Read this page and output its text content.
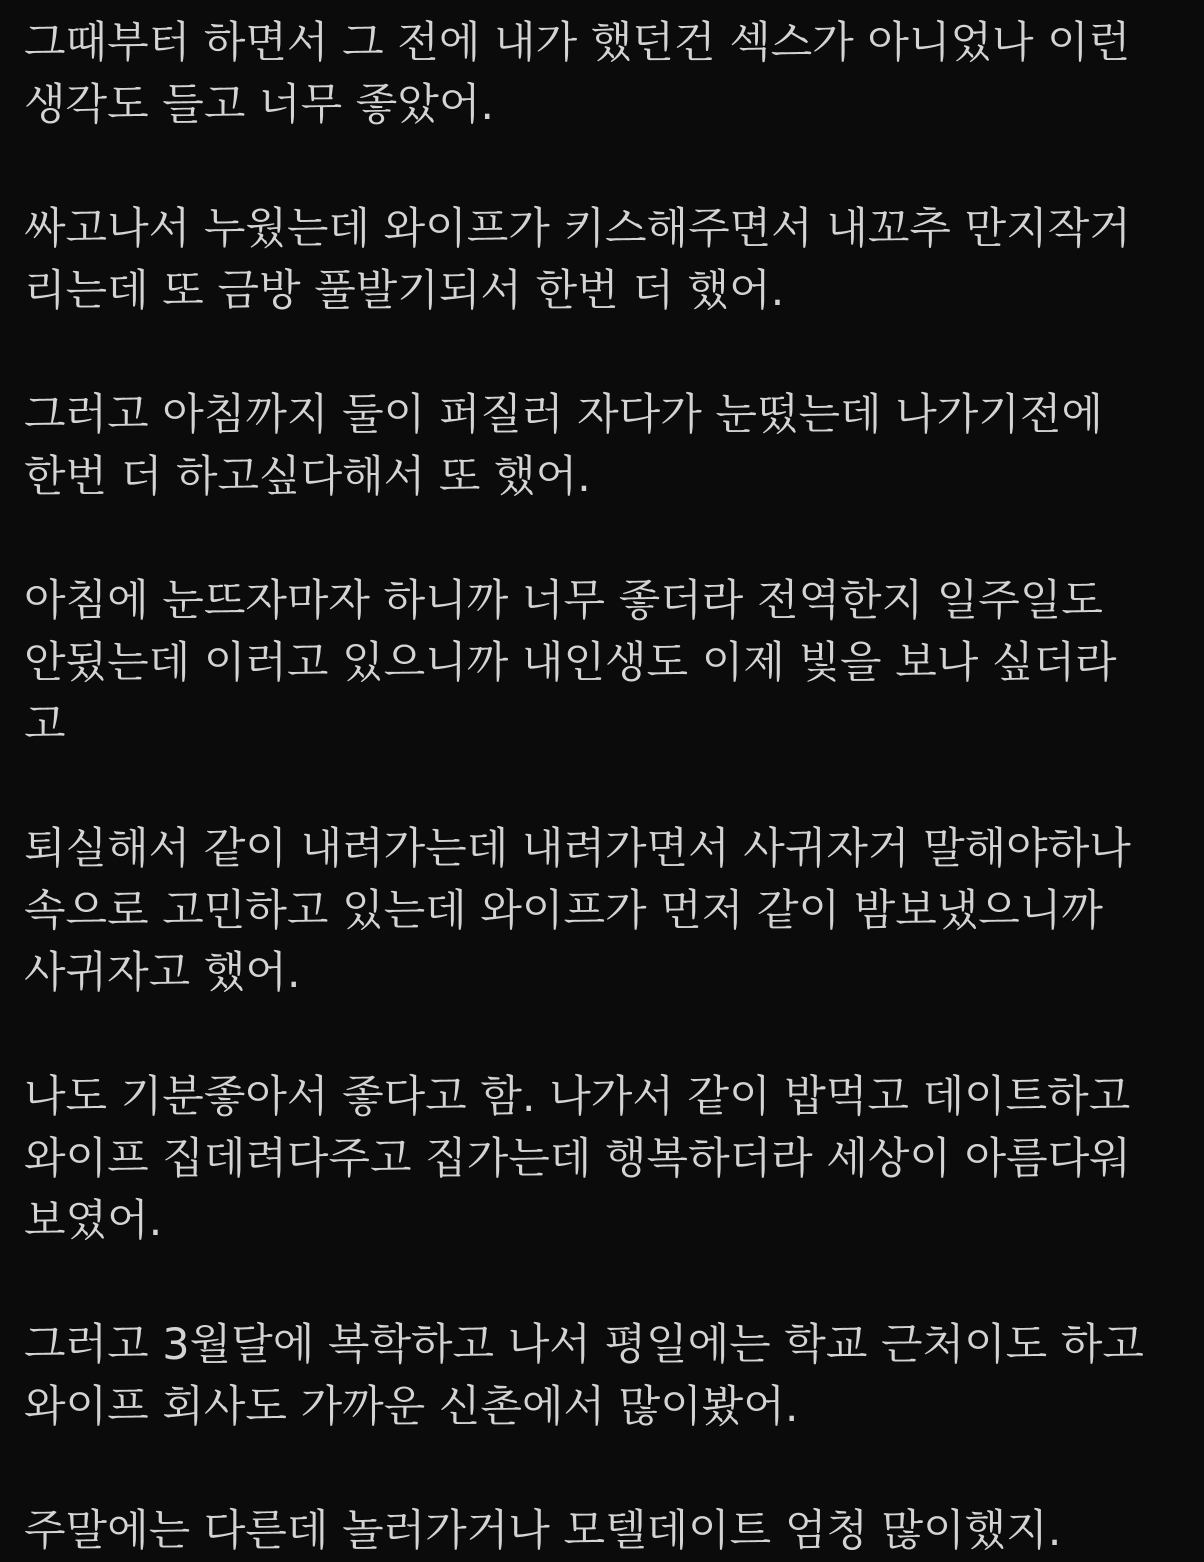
그때부터 하면서 그 전에 내가 했던건 섹스가 아니었나 이런
생각도 들고 너무 좋았어.
싸고나서 누웠는데 와이프가 키스해주면서 내꼬추 만지작거
리는데 또 금방 풀발기되서 한번 더 했어.
그러고 아침까지 둘이 퍼질러 자다가 눈떴는데 나가기전에
한번 더 하고싶다해서 또 했어.
아침에 눈뜨자마자 하니까 너무 좋더라 전역한지 일주일도
안됬는데 이러고 있으니까 내인생도 이제 빛을 보나 싶더라
고
퇴실해서 같이 내려가는데 내려가면서 사귀자거 말해야하나
속으로 고민하고 있는데 와이프가 먼저 같이 밤보냈으니까
사귀자고 했어.
나도 기분좋아서 좋다고 함. 나가서 같이 밥먹고 데이트하고
와이프 집데려다주고 집가는데 행복하더라 세상이 아름다워
보였어.
그러고 3월달에 복학하고 나서 평일에는 학교 근처이도 하고
와이프 회사도 가까운 신촌에서 많이봤어.
주말에는 다른데 놀러가거나 모텔데이트 엄청 많이했지.
